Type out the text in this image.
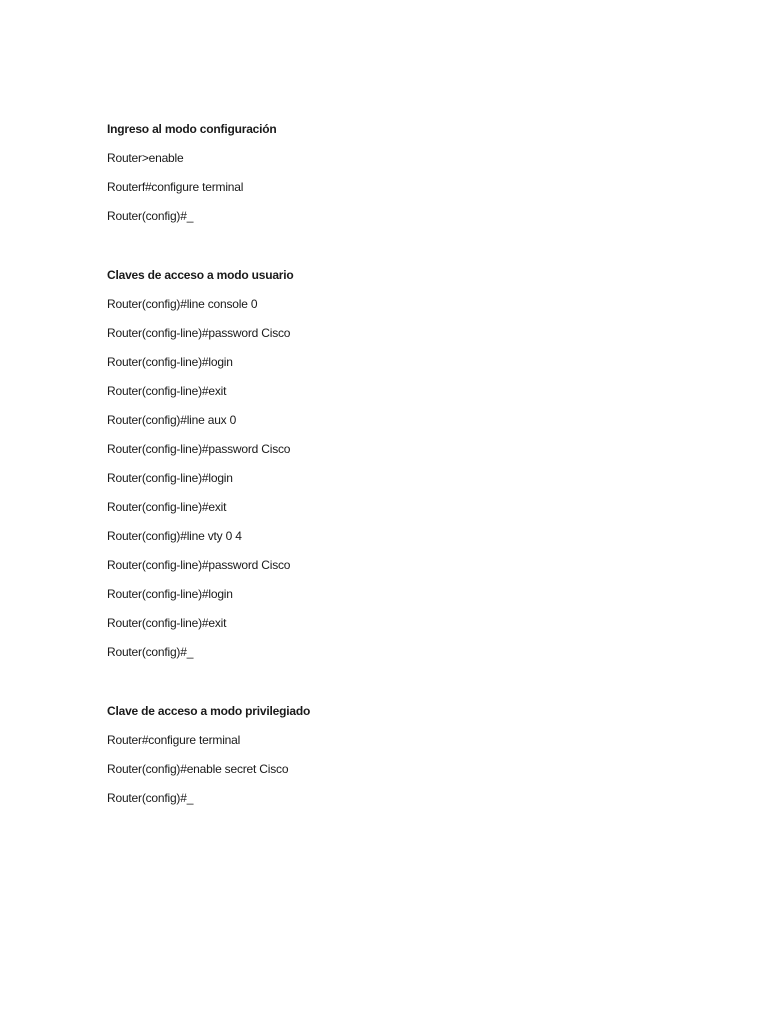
Ingreso al modo configuración

Router>enable

Routerf#configure terminal

Router(config)#_

Claves de acceso a modo usuario

Router(config)#line console 0

Router(config-line)#password Cisco

Router(config-line)#login

Router(config-line)#exit

Router(config)#line aux 0

Router(config-line)#password Cisco

Router(config-line)#login

Router(config-line)#exit

Router(config)#line vty 0 4

Router(config-line)#password Cisco

Router(config-line)#login

Router(config-line)#exit

Router(config)#_

Clave de acceso a modo privilegiado

Router#configure terminal

Router(config)#enable secret Cisco

Router(config)#_
